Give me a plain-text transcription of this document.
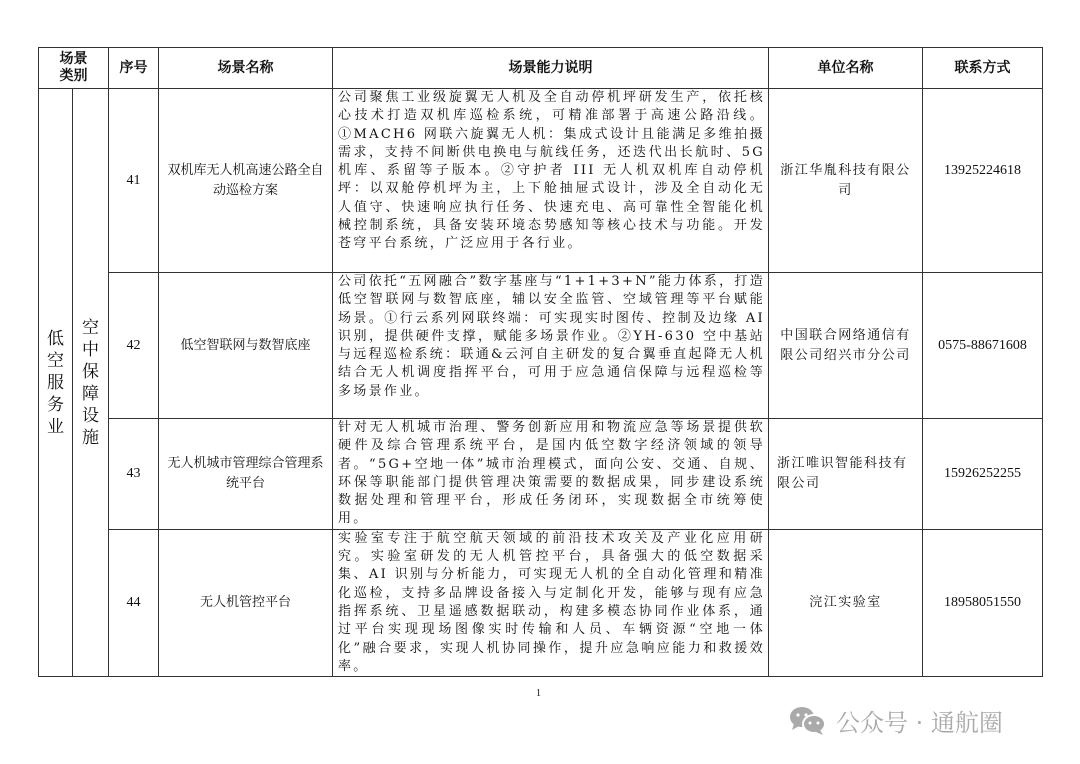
场景类别		序号	场景名称	场景能力说明	单位名称	联系方式
低空服务业	空中保障设施	41	双机库无人机高速公路全自动巡检方案	公司聚焦工业级旋翼无人机及全自动停机坪研发生产，依托核心技术打造双机库巡检系统，可精准部署于高速公路沿线。①MACH6 网联六旋翼无人机：集成式设计且能满足多维拍摄需求，支持不间断供电换电与航线任务，还迭代出长航时、5G 机库、系留等子版本。②守护者 III 无人机双机库自动停机坪：以双舱停机坪为主，上下舱抽屉式设计，涉及全自动化无人值守、快速响应执行任务、快速充电、高可靠性全智能化机械控制系统，具备安装环境态势感知等核心技术与功能。开发苍穹平台系统，广泛应用于各行业。	浙江华胤科技有限公司	13925224618
		42	低空智联网与数智底座	公司依托“五网融合”数字基座与“1+1+3+N”能力体系，打造低空智联网与数智底座，辅以安全监管、空域管理等平台赋能场景。①行云系列网联终端：可实现实时图传、控制及边缘 AI 识别，提供硬件支撑，赋能多场景作业。②YH-630 空中基站与远程巡检系统：联通&云河自主研发的复合翼垂直起降无人机结合无人机调度指挥平台，可用于应急通信保障与远程巡检等多场景作业。	中国联合网络通信有限公司绍兴市分公司	0575-88671608
		43	无人机城市管理综合管理系统平台	针对无人机城市治理、警务创新应用和物流应急等场景提供软硬件及综合管理系统平台，是国内低空数字经济领域的领导者。“5G+空地一体”城市治理模式，面向公安、交通、自规、环保等职能部门提供管理决策需要的数据成果，同步建设系统数据处理和管理平台，形成任务闭环，实现数据全市统筹使用。	浙江唯识智能科技有限公司	15926252255
		44	无人机管控平台	实验室专注于航空航天领域的前沿技术攻关及产业化应用研究。实验室研发的无人机管控平台，具备强大的低空数据采集、AI 识别与分析能力，可实现无人机的全自动化管理和精准化巡检，支持多品牌设备接入与定制化开发，能够与现有应急指挥系统、卫星遥感数据联动，构建多模态协同作业体系，通过平台实现现场图像实时传输和人员、车辆资源“空地一体化”融合要求，实现人机协同操作，提升应急响应能力和救援效率。	浣江实验室	18958051550
1
公众号 · 通航圈
